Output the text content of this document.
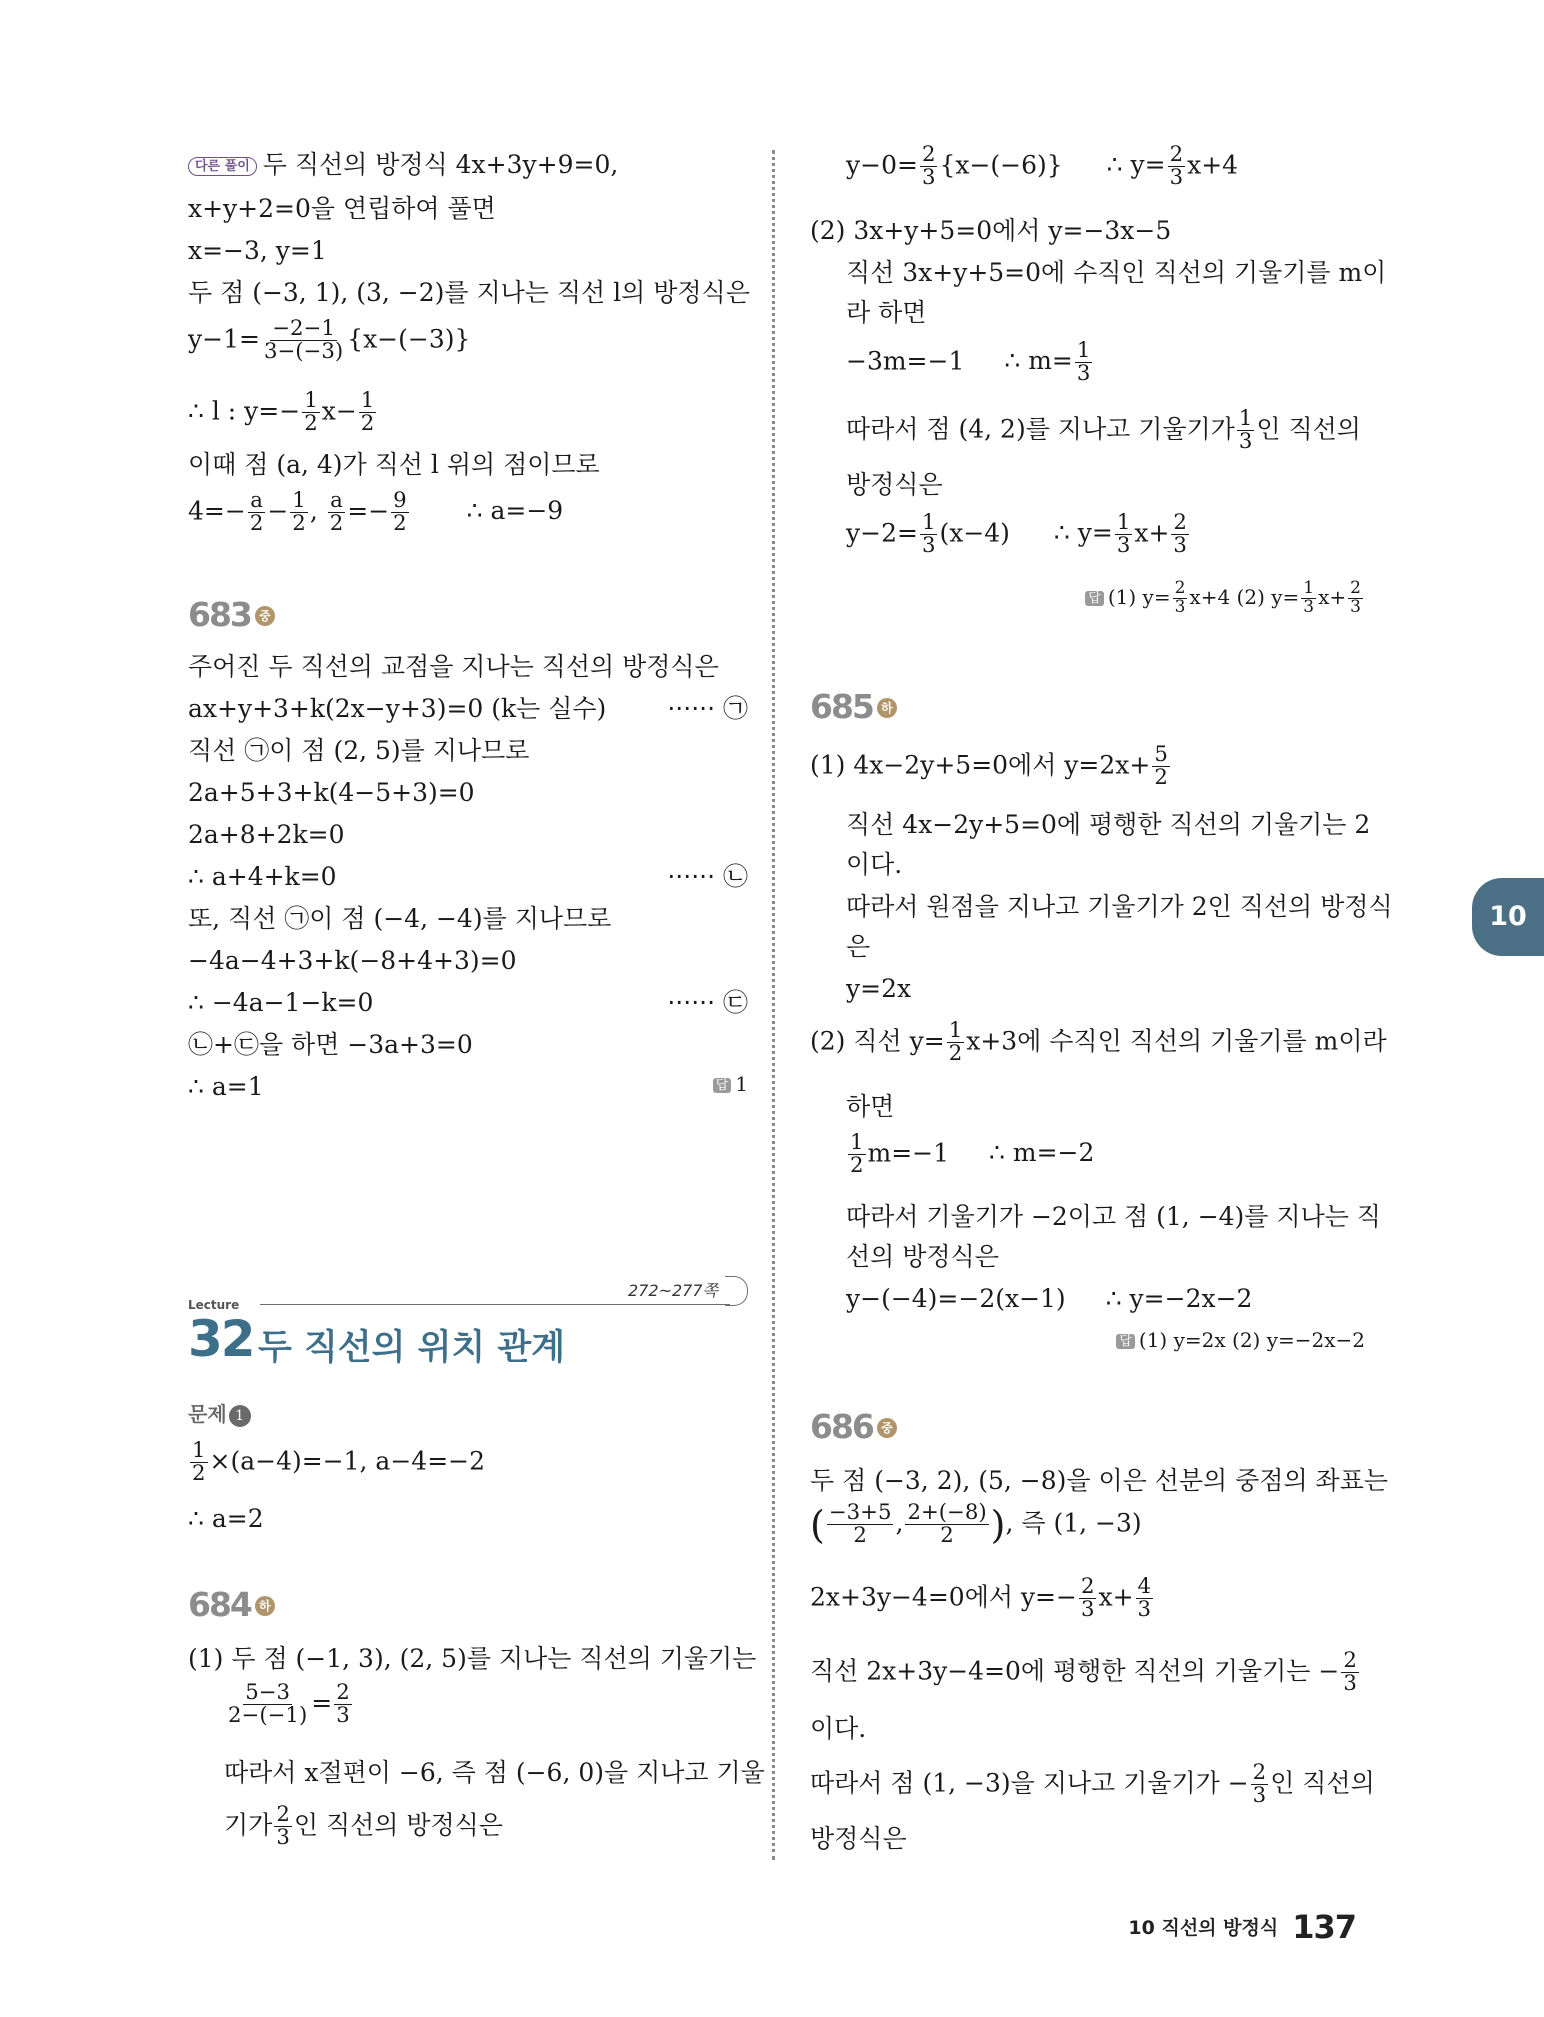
다른 풀이 두 직선의 방정식 4x+3y+9=0,
x+y+2=0을 연립하여 풀면
x=−3, y=1
두 점 (−3, 1), (3, −2)를 지나는 직선 l의 방정식은
$y-1= \frac{-2-1}{3-(-3)} \{x-(-3)\}$
∴ l : $y=- \frac{1}{2} x- \frac{1}{2}$
이때 점 (a, 4)가 직선 l 위의 점이므로
$4=- \frac{a}{2} - \frac{1}{2}$ , $\frac{a}{2} =- \frac{9}{2}$ ∴ a=−9
683 중
주어진 두 직선의 교점을 지나는 직선의 방정식은
ax+y+3+k(2x−y+3)=0 (k는 실수) ······ ㉠
직선 ㉠이 점 (2, 5)를 지나므로
2a+5+3+k(4−5+3)=0
2a+8+2k=0
∴ a+4+k=0	······ ㉡
또, 직선 ㉠이 점 (−4, −4)를 지나므로
−4a−4+3+k(−8+4+3)=0
∴ −4a−1−k=0	······ ㉢
㉡+㉢을 하면 −3a+3=0
∴ a=1	답 1
Lecture
272~277쪽
32 두 직선의 위치 관계
문제 1
$\frac{1}{2} \times(a-4)=-1$, a−4=−2
∴ a=2
684 하
(1) 두 점 (−1, 3), (2, 5)를 지나는 직선의 기울기는
$\frac{5-3}{2-(-1)} = \frac{2}{3}$
따라서 x절편이 −6, 즉 점 (−6, 0)을 지나고 기울
기가 $\frac{2}{3}$ 인 직선의 방정식은
$y-0= \frac{2}{3} \{x-(-6)\}$ ∴ $y= \frac{2}{3} x+4$
(2) 3x+y+5=0에서 y=−3x−5
직선 3x+y+5=0에 수직인 직선의 기울기를 m이
라 하면
−3m=−1 ∴ $m= \frac{1}{3}$
따라서 점 (4, 2)를 지나고 기울기가 $\frac{1}{3}$ 인 직선의
방정식은
$y-2= \frac{1}{3} (x-4)$ ∴ $y= \frac{1}{3} x+ \frac{2}{3}$
답 (1) $y= \frac{2}{3} x+4$ (2) $y= \frac{1}{3} x+ \frac{2}{3}$
685 하
(1) 4x−2y+5=0에서 $y=2x+ \frac{5}{2}$
직선 4x−2y+5=0에 평행한 직선의 기울기는 2
이다.
따라서 원점을 지나고 기울기가 2인 직선의 방정식
은
y=2x
(2) 직선 $y= \frac{1}{2} x+3$에 수직인 직선의 기울기를 m이라
하면
$\frac{1}{2} m=-1$ ∴ m=−2
따라서 기울기가 −2이고 점 (1, −4)를 지나는 직
선의 방정식은
y−(−4)=−2(x−1) ∴ y=−2x−2
답 (1) y=2x (2) y=−2x−2
686 중
두 점 (−3, 2), (5, −8)을 이은 선분의 중점의 좌표는
( $\frac{-3+5}{2}$ , $\frac{2+(-8)}{2}$ ), 즉 (1, −3)
2x+3y−4=0에서 $y=- \frac{2}{3} x+ \frac{4}{3}$
직선 2x+3y−4=0에 평행한 직선의 기울기는 − $\frac{2}{3}$
이다.
따라서 점 (1, −3)을 지나고 기울기가 − $\frac{2}{3}$ 인 직선의
방정식은
10
10 직선의 방정식 137
